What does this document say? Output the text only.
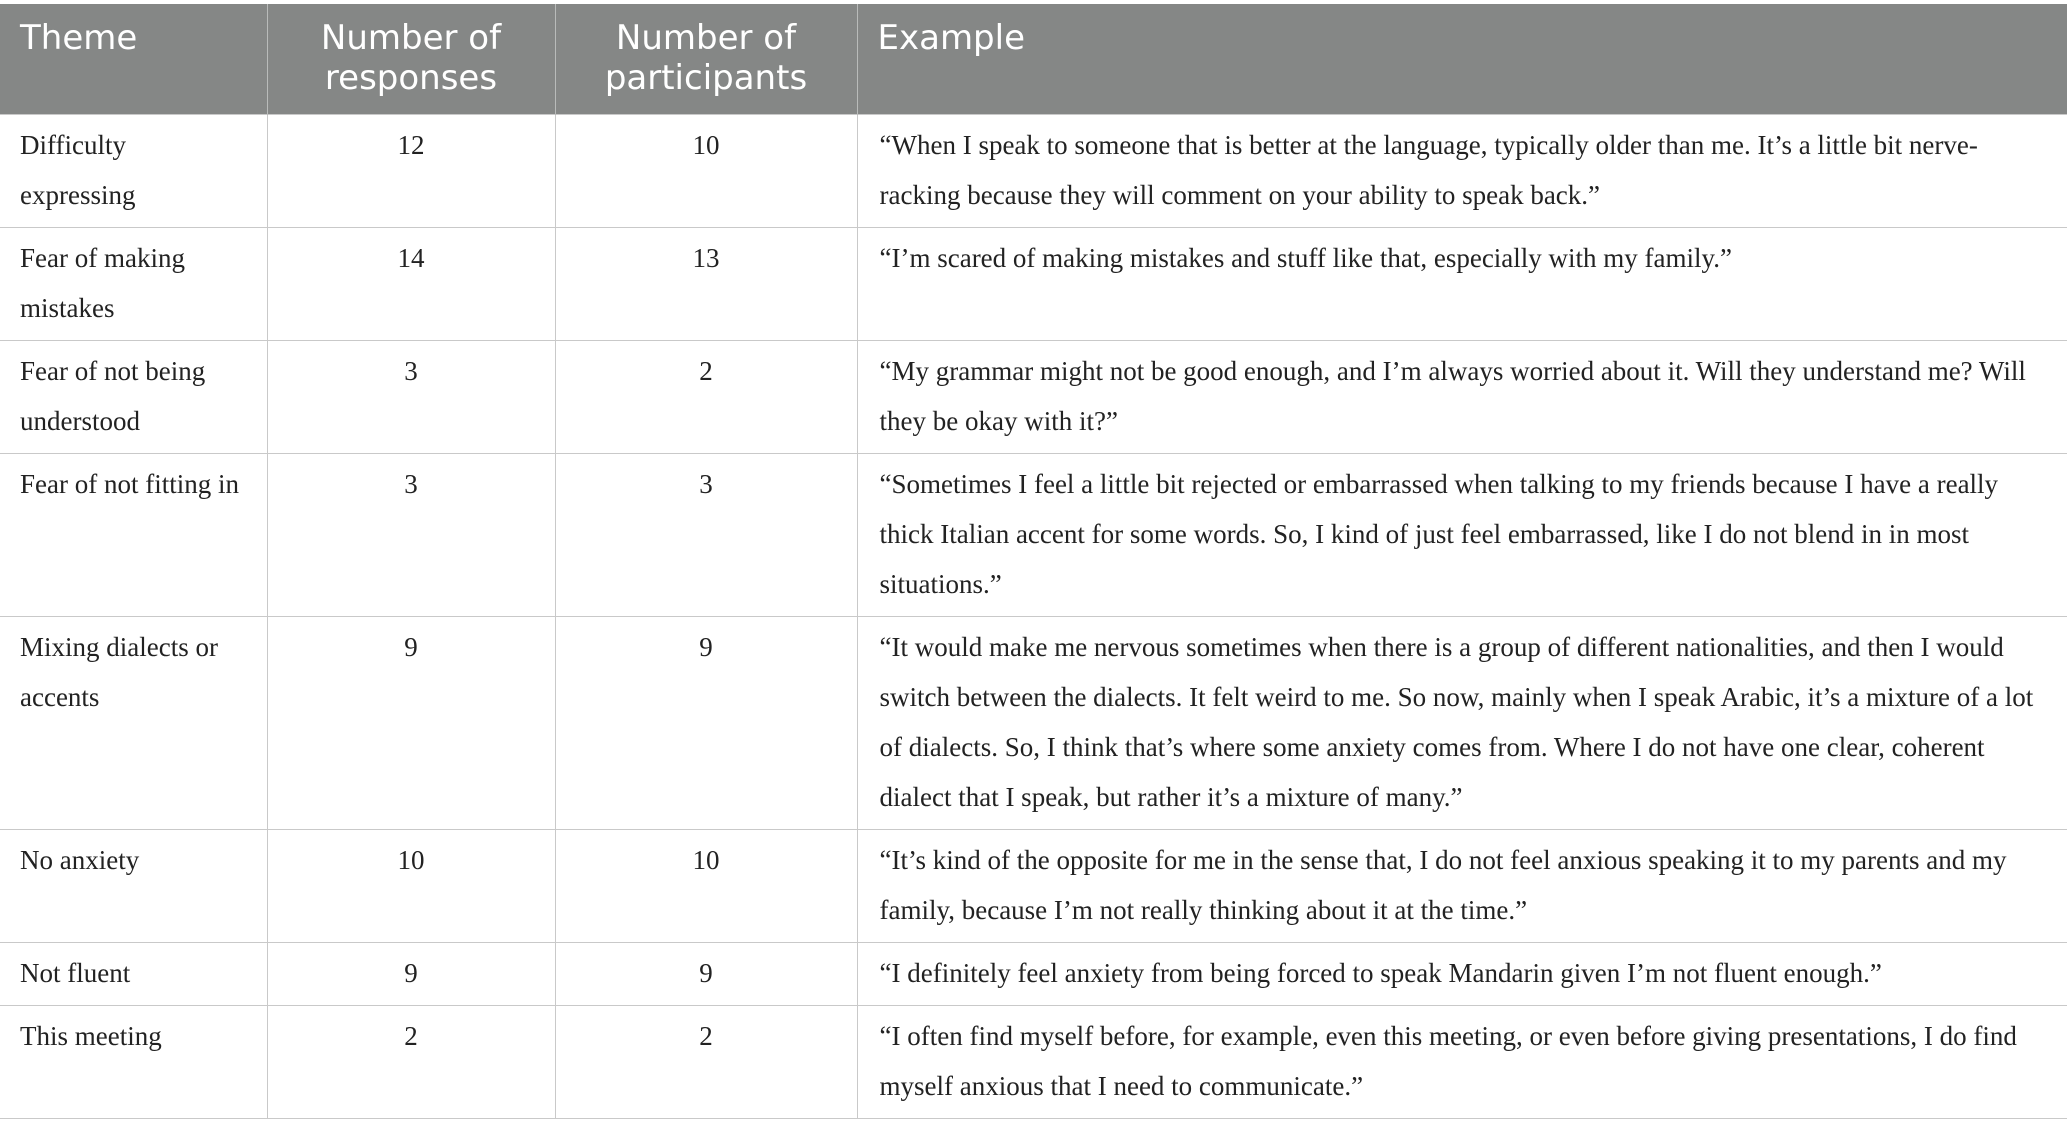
Theme	Number of responses	Number of participants	Example
Difficulty expressing	12	10	“When I speak to someone that is better at the language, typically older than me. It’s a little bit nerve-racking because they will comment on your ability to speak back.”
Fear of making mistakes	14	13	“I’m scared of making mistakes and stuff like that, especially with my family.”
Fear of not being understood	3	2	“My grammar might not be good enough, and I’m always worried about it. Will they understand me? Will they be okay with it?”
Fear of not fitting in	3	3	“Sometimes I feel a little bit rejected or embarrassed when talking to my friends because I have a really thick Italian accent for some words. So, I kind of just feel embarrassed, like I do not blend in in most situations.”
Mixing dialects or accents	9	9	“It would make me nervous sometimes when there is a group of different nationalities, and then I would switch between the dialects. It felt weird to me. So now, mainly when I speak Arabic, it’s a mixture of a lot of dialects. So, I think that’s where some anxiety comes from. Where I do not have one clear, coherent dialect that I speak, but rather it’s a mixture of many.”
No anxiety	10	10	“It’s kind of the opposite for me in the sense that, I do not feel anxious speaking it to my parents and my family, because I’m not really thinking about it at the time.”
Not fluent	9	9	“I definitely feel anxiety from being forced to speak Mandarin given I’m not fluent enough.”
This meeting	2	2	“I often find myself before, for example, even this meeting, or even before giving presentations, I do find myself anxious that I need to communicate.”
